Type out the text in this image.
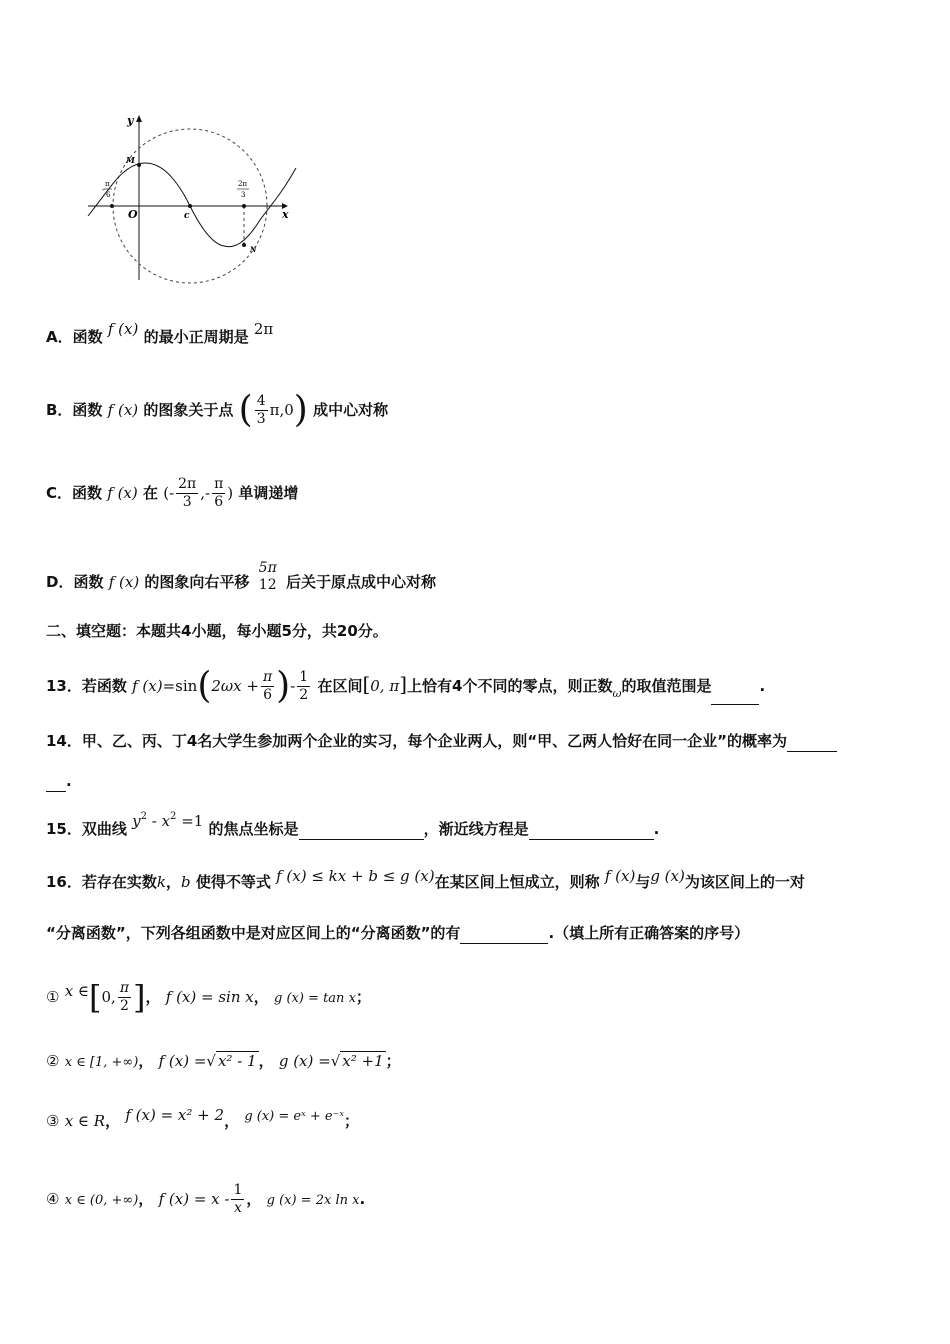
y
x
O
M
c
N
-
π
6
2π
3
A．函数 f (x) 的最小正周期是 2π
B．函数 f (x) 的图象关于点 ( $\frac{4}{3} \pi,0$) 成中心对称
C．函数 f (x) 在 (- $\frac{2\pi}{3}$ ,- $\frac{\pi}{6}$ ) 单调递增
D．函数 f (x) 的图象向右平移
5π
12 后关于原点成中心对称
二、填空题：本题共4小题，每小题5分，共20分。
13．若函数 f $(x)=\sin(2\omega x + \frac{\pi}{6}$ )- $\frac{1}{2}$ 在区间[0, π]上恰有4个不同的零点，则正数$_\omega$的取值范围是	.
14．甲、乙、丙、丁4名大学生参加两个企业的实习，每个企业两人，则“甲、乙两人恰好在同一企业”的概率为
.
15．双曲线 $y^2 - x^2 =1$ 的焦点坐标是	，渐近线方程是	.
16．若存在实数k，b 使得不等式 f (x) ≤ kx + b ≤ g (x)在某区间上恒成立，则称 f (x)与g (x)为该区间上的一对
“分离函数”，下列各组函数中是对应区间上的“分离函数”的有	.（填上所有正确答案的序号）
① x ∈[0, $\frac{\pi}{2}$ ]， f (x) = sin x， g (x) = tan x；
② x ∈ [1, +∞)， f (x) =√ x² - 1 ， g (x) =√ x² +1 ；
③ x ∈ R， f (x) = x² + 2， g (x) = eˣ + e⁻ˣ；
④ x ∈ (0, +∞)， f $(x) = x - \frac{1}{x}$ ， g (x) = 2x ln x.
